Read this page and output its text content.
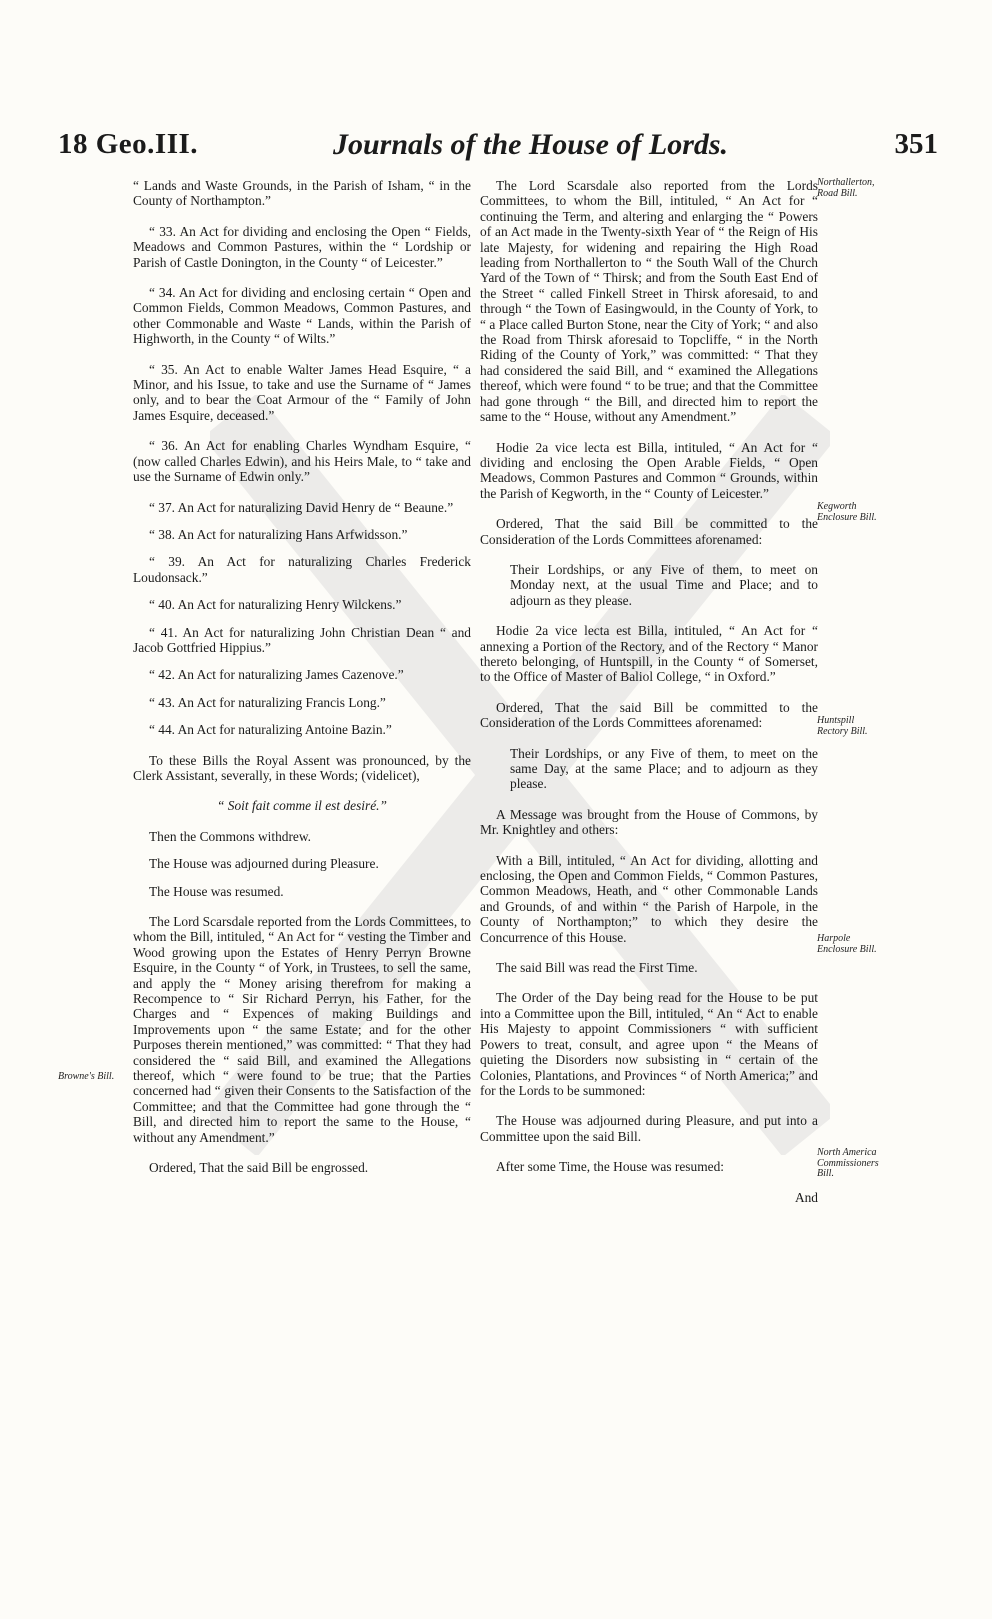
18 Geo.III.	Journals of the House of Lords.	351
Northallerton, Road Bill.
Kegworth Enclosure Bill.
Huntspill Rectory Bill.
Harpole Enclosure Bill.
North America Commissioners Bill.
Browne's Bill.

“ Lands and Waste Grounds, in the Parish of Isham, “ in the County of Northampton.”

“ 33. An Act for dividing and enclosing the Open “ Fields, Meadows and Common Pastures, within the “ Lordship or Parish of Castle Donington, in the County “ of Leicester.”

“ 34. An Act for dividing and enclosing certain “ Open and Common Fields, Common Meadows, Common Pastures, and other Commonable and Waste “ Lands, within the Parish of Highworth, in the County “ of Wilts.”

“ 35. An Act to enable Walter James Head Esquire, “ a Minor, and his Issue, to take and use the Surname of “ James only, and to bear the Coat Armour of the “ Family of John James Esquire, deceased.”

“ 36. An Act for enabling Charles Wyndham Esquire, “ (now called Charles Edwin), and his Heirs Male, to “ take and use the Surname of Edwin only.”

“ 37. An Act for naturalizing David Henry de “ Beaune.”

“ 38. An Act for naturalizing Hans Arfwidsson.”

“ 39. An Act for naturalizing Charles Frederick Loudonsack.”

“ 40. An Act for naturalizing Henry Wilckens.”

“ 41. An Act for naturalizing John Christian Dean “ and Jacob Gottfried Hippius.”

“ 42. An Act for naturalizing James Cazenove.”

“ 43. An Act for naturalizing Francis Long.”

“ 44. An Act for naturalizing Antoine Bazin.”

To these Bills the Royal Assent was pronounced, by the Clerk Assistant, severally, in these Words; (videlicet),

“ Soit fait comme il est desiré.”

Then the Commons withdrew.

The House was adjourned during Pleasure.

The House was resumed.

The Lord Scarsdale reported from the Lords Committees, to whom the Bill, intituled, “ An Act for “ vesting the Timber and Wood growing upon the Estates of Henry Perryn Browne Esquire, in the County “ of York, in Trustees, to sell the same, and apply the “ Money arising therefrom for making a Recompence to “ Sir Richard Perryn, his Father, for the Charges and “ Expences of making Buildings and Improvements upon “ the same Estate; and for the other Purposes therein mentioned,” was committed: “ That they had considered the “ said Bill, and examined the Allegations thereof, which “ were found to be true; that the Parties concerned had “ given their Consents to the Satisfaction of the Committee; and that the Committee had gone through the “ Bill, and directed him to report the same to the House, “ without any Amendment.”

Ordered, That the said Bill be engrossed.

The Lord Scarsdale also reported from the Lords Committees, to whom the Bill, intituled, “ An Act for “ continuing the Term, and altering and enlarging the “ Powers of an Act made in the Twenty-sixth Year of “ the Reign of His late Majesty, for widening and repairing the High Road leading from Northallerton to “ the South Wall of the Church Yard of the Town of “ Thirsk; and from the South East End of the Street “ called Finkell Street in Thirsk aforesaid, to and through “ the Town of Easingwould, in the County of York, to “ a Place called Burton Stone, near the City of York; “ and also the Road from Thirsk aforesaid to Topcliffe, “ in the North Riding of the County of York,” was committed: “ That they had considered the said Bill, and “ examined the Allegations thereof, which were found “ to be true; and that the Committee had gone through “ the Bill, and directed him to report the same to the “ House, without any Amendment.”

Hodie 2a vice lecta est Billa, intituled, “ An Act for “ dividing and enclosing the Open Arable Fields, “ Open Meadows, Common Pastures and Common “ Grounds, within the Parish of Kegworth, in the “ County of Leicester.”

Ordered, That the said Bill be committed to the Consideration of the Lords Committees aforenamed:

Their Lordships, or any Five of them, to meet on Monday next, at the usual Time and Place; and to adjourn as they please.

Hodie 2a vice lecta est Billa, intituled, “ An Act for “ annexing a Portion of the Rectory, and of the Rectory “ Manor thereto belonging, of Huntspill, in the County “ of Somerset, to the Office of Master of Baliol College, “ in Oxford.”

Ordered, That the said Bill be committed to the Consideration of the Lords Committees aforenamed:

Their Lordships, or any Five of them, to meet on the same Day, at the same Place; and to adjourn as they please.

A Message was brought from the House of Commons, by Mr. Knightley and others:

With a Bill, intituled, “ An Act for dividing, allotting and enclosing, the Open and Common Fields, “ Common Pastures, Common Meadows, Heath, and “ other Commonable Lands and Grounds, of and within “ the Parish of Harpole, in the County of Northampton;” to which they desire the Concurrence of this House.

The said Bill was read the First Time.

The Order of the Day being read for the House to be put into a Committee upon the Bill, intituled, “ An “ Act to enable His Majesty to appoint Commissioners “ with sufficient Powers to treat, consult, and agree upon “ the Means of quieting the Disorders now subsisting in “ certain of the Colonies, Plantations, and Provinces “ of North America;” and for the Lords to be summoned:

The House was adjourned during Pleasure, and put into a Committee upon the said Bill.

After some Time, the House was resumed:

And
